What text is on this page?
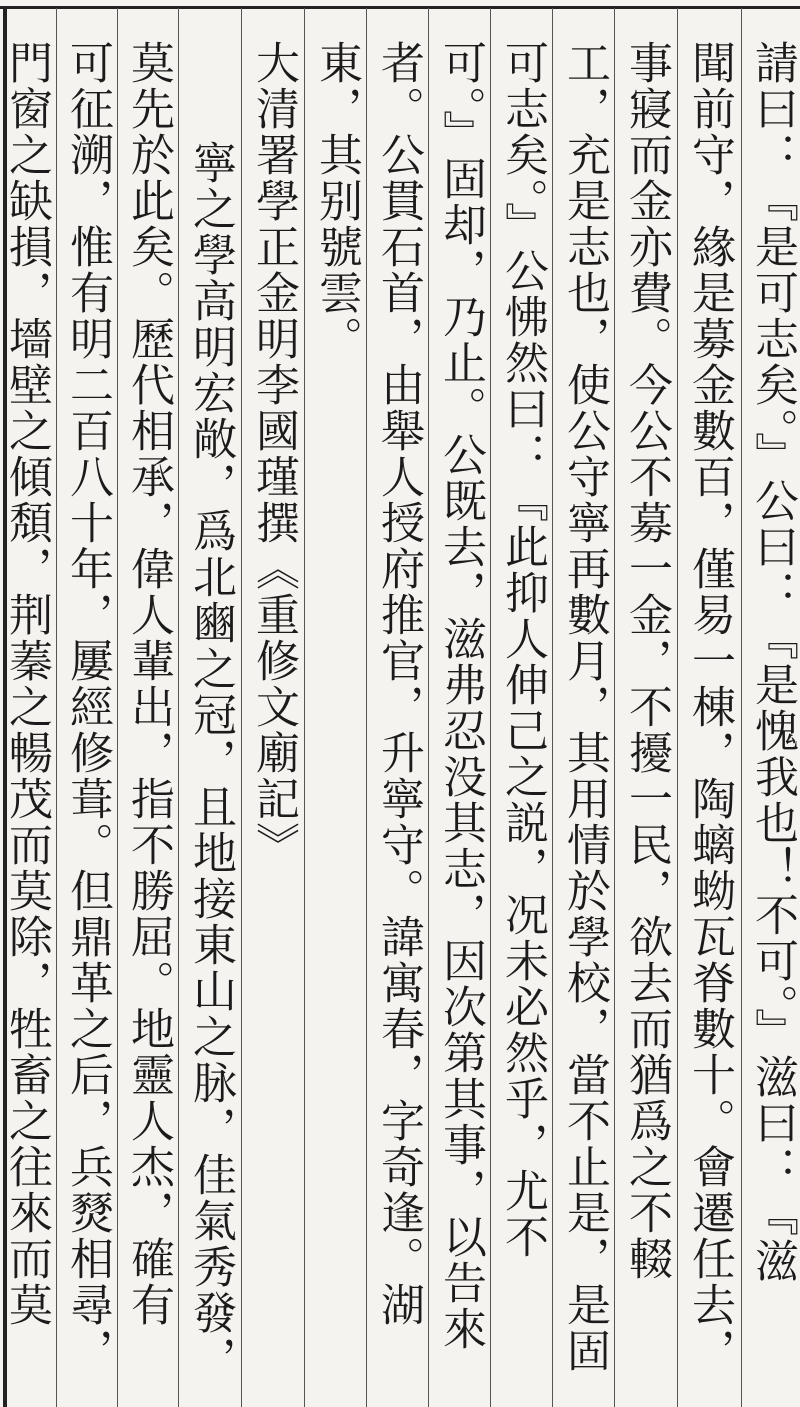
請曰：『是可志矣。』公曰：『是愧我也！不可。』滋曰：『滋
聞前守，緣是募金數百，僅易一棟，陶螭蚴瓦脊數十。會遷任去，
事寢而金亦費。今公不募一金，不擾一民，欲去而猶爲之不輟
工，充是志也，使公守寧再數月，其用情於學校，當不止是，是固
可志矣。』公怫然曰：『此抑人伸己之説，况未必然乎，尤不
可。』固却，乃止。公既去，滋弗忍没其志，因次第其事，以告來
者。公貫石首，由舉人授府推官，升寧守。諱寓春，字奇逢。湖
東，其别號雲。
大清署學正金明李國瑾撰《重修文廟記》
寧之學高明宏敞，爲北豳之冠，且地接東山之脉，佳氣秀發，
莫先於此矣。歷代相承，偉人輩出，指不勝屈。地靈人杰，確有
可征溯，惟有明二百八十年，屢經修葺。但鼎革之后，兵燹相尋，
門窗之缺損，墻壁之傾頽，荆蓁之暢茂而莫除，牲畜之往來而莫
